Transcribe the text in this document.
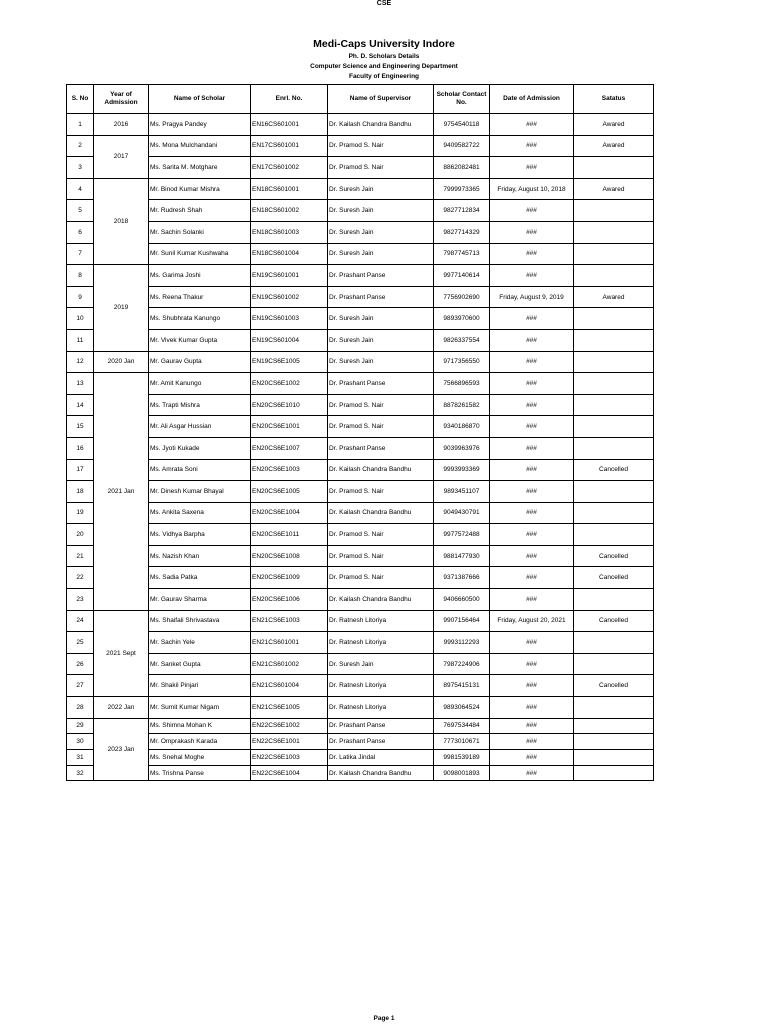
CSE
Medi-Caps University Indore
Ph. D. Scholars Details
Computer Science and Engineering Department
Faculty of Engineering
S. No	Year of Admission	Name of Scholar	Enrl. No.	Name of Supervisor	Scholar Contact No.	Date of Admission	Satatus
1	2016	Ms. Pragya Pandey	EN16CS601001	Dr. Kailash Chandra Bandhu	9754540118	###	Awared
2	2017	Ms. Mona Mulchandani	EN17CS601001	Dr. Pramod S. Nair	9409582722	###	Awared
3		Ms. Sarita M. Motghare	EN17CS601002	Dr. Pramod S. Nair	8862082481	###	
4	2018	Mr. Binod Kumar Mishra	EN18CS601001	Dr. Suresh Jain	7999973365	Friday, August 10, 2018	Awared
5		Mr. Rudresh Shah	EN18CS601002	Dr. Suresh Jain	9827712834	###	
6		Mr. Sachin Solanki	EN18CS601003	Dr. Suresh Jain	9827714329	###	
7		Mr. Sunil Kumar Kushwaha	EN18CS601004	Dr. Suresh Jain	7987745713	###	
8	2019	Ms. Garima Joshi	EN19CS601001	Dr. Prashant Panse	9977140614	###	
9		Ms. Reena Thakur	EN19CS601002	Dr. Prashant Panse	7756902690	Friday, August 9, 2019	Awared
10		Ms. Shubhrata Kanungo	EN19CS601003	Dr. Suresh Jain	9893970600	###	
11		Mr. Vivek Kumar Gupta	EN19CS601004	Dr. Suresh Jain	9826337554	###	
12	2020 Jan	Mr. Gaurav Gupta	EN19CS6E1005	Dr. Suresh Jain	9717356550	###	
13	2021 Jan	Mr. Amit Kanungo	EN20CS6E1002	Dr. Prashant Panse	7566896593	###	
14		Ms. Trapti Mishra	EN20CS6E1010	Dr. Pramod S. Nair	8878261582	###	
15		Mr. Ali Asgar Hussian	EN20CS6E1001	Dr. Pramod S. Nair	9340186870	###	
16		Ms. Jyoti Kukade	EN20CS6E1007	Dr. Prashant Panse	9039963976	###	
17		Ms. Amrata Soni	EN20CS6E1003	Dr. Kailash Chandra Bandhu	9993993369	###	Cancelled
18		Mr. Dinesh Kumar Bhayal	EN20CS6E1005	Dr. Pramod S. Nair	9893451107	###	
19		Ms. Ankita Saxena	EN20CS6E1004	Dr. Kailash Chandra Bandhu	9049430791	###	
20		Ms. Vidhya Barpha	EN20CS6E1011	Dr. Pramod S. Nair	9977572488	###	
21		Ms. Nazish Khan	EN20CS6E1008	Dr. Pramod S. Nair	9881477930	###	Cancelled
22		Ms. Sadia Patka	EN20CS6E1009	Dr. Pramod S. Nair	9371387666	###	Cancelled
23		Mr. Gaurav Sharma	EN20CS6E1006	Dr. Kailash Chandra Bandhu	9406660500	###	
24	2021 Sept	Ms. Shaifali Shrivastava	EN21CS6E1003	Dr. Ratnesh Litoriya	9907156464	Friday, August 20, 2021	Cancelled
25		Mr. Sachin Yele	EN21CS601001	Dr. Ratnesh Litoriya	9993112293	###	
26		Mr. Sanket Gupta	EN21CS601002	Dr. Suresh Jain	7987224906	###	
27		Mr. Shakil Pinjari	EN21CS601004	Dr. Ratnesh Litoriya	8975415131	###	Cancelled
28	2022 Jan	Mr. Sumit Kumar Nigam	EN21CS6E1005	Dr. Ratnesh Litoriya	9893064524	###	
29	2023 Jan	Ms. Shimna Mohan K	EN22CS6E1002	Dr. Prashant Panse	7697534484	###	
30		Mr. Omprakash Karada	EN22CS6E1001	Dr. Prashant Panse	7773010671	###	
31		Ms. Snehal Moghe	EN22CS6E1003	Dr. Latika Jindal	9981539189	###	
32		Ms. Trishna Panse	EN22CS6E1004	Dr. Kailash Chandra Bandhu	9098001893	###	
Page 1
